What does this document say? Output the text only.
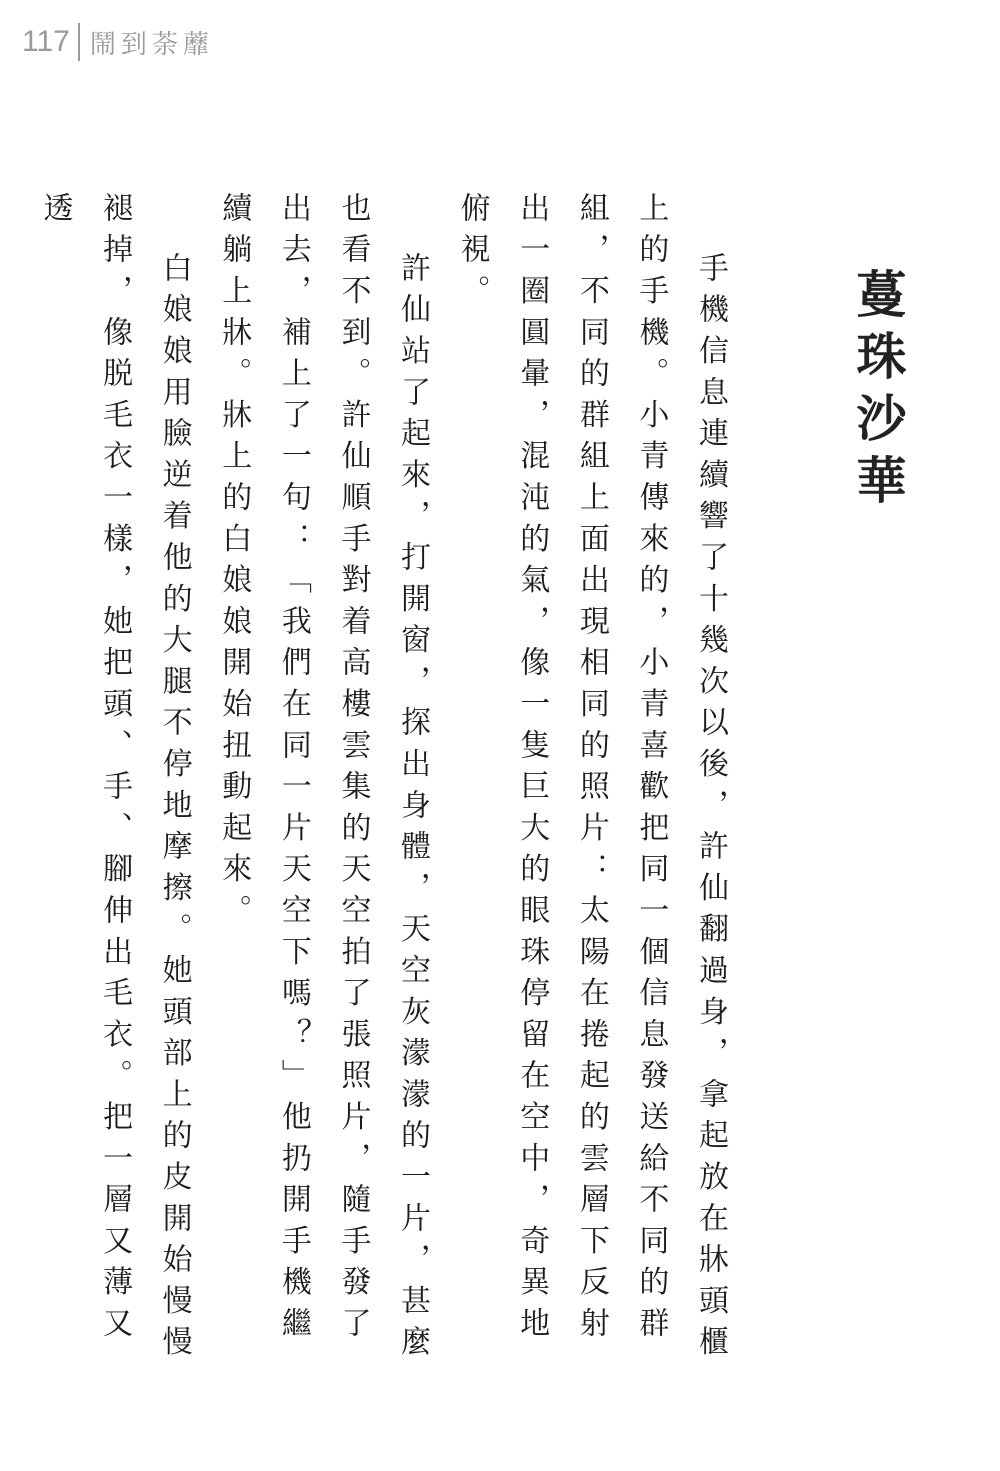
117 鬧到荼蘼
蔓珠沙華

手機信息連續響了十幾次以後，許仙翻過身，拿起放在牀頭櫃上的手機。小青傳來的，小青喜歡把同一個信息發送給不同的群組，不同的群組上面出現相同的照片：太陽在捲起的雲層下反射出一圈圓暈，混沌的氣，像一隻巨大的眼珠停留在空中，奇異地俯視。

許仙站了起來，打開窗，探出身體，天空灰濛濛的一片，甚麼也看不到。許仙順手對着高樓雲集的天空拍了張照片，隨手發了出去，補上了一句：「我們在同一片天空下嗎？」他扔開手機繼續躺上牀。牀上的白娘娘開始扭動起來。

白娘娘用臉逆着他的大腿不停地摩擦。她頭部上的皮開始慢慢褪掉，像脱毛衣一樣，她把頭、手、腳伸出毛衣。把一層又薄又透
